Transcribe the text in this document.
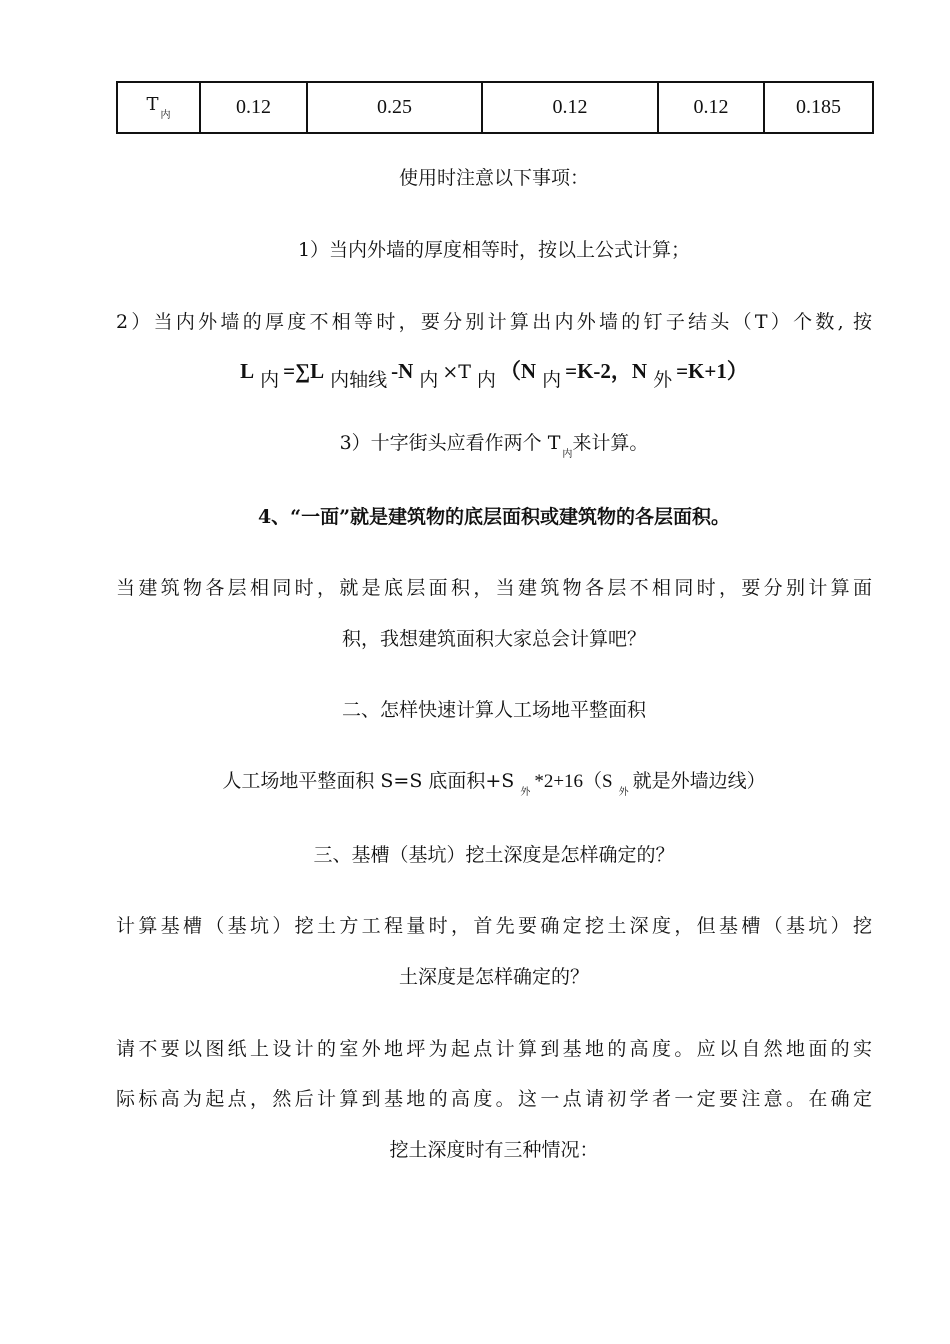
$T_内$	0.12	0.25	0.12	0.12	0.185
使用时注意以下事项：
1）当内外墙的厚度相等时，按以上公式计算；
2）当内外墙的厚度不相等时，要分别计算出内外墙的钉子结头（T）个数, 按
L $_内$ =∑L $_{内轴线}$ -N $_内$ ×T $_内$ （N $_内$ =K-2，N $_外$ =K+1）
3）十字街头应看作两个 $T_内$来计算。
4、“一面”就是建筑物的底层面积或建筑物的各层面积。
当建筑物各层相同时，就是底层面积，当建筑物各层不相同时，要分别计算面
积，我想建筑面积大家总会计算吧？
二、怎样快速计算人工场地平整面积
人工场地平整面积 S=S 底面积$+S_外*2+16(S_外$就是外墙边线）
三、基槽（基坑）挖土深度是怎样确定的？
计算基槽（基坑）挖土方工程量时，首先要确定挖土深度，但基槽（基坑）挖
土深度是怎样确定的？
请不要以图纸上设计的室外地坪为起点计算到基地的高度。应以自然地面的实
际标高为起点，然后计算到基地的高度。这一点请初学者一定要注意。在确定
挖土深度时有三种情况：
